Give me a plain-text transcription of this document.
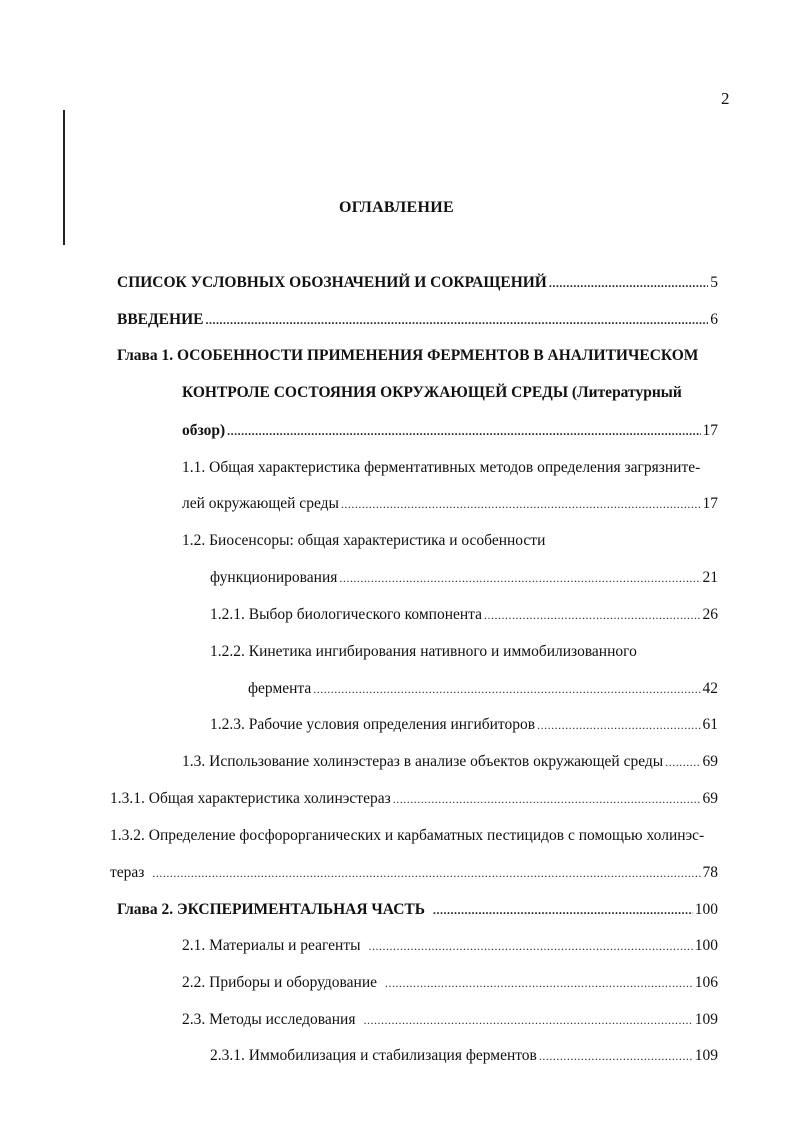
2
ОГЛАВЛЕНИЕ
СПИСОК УСЛОВНЫХ ОБОЗНАЧЕНИЙ И СОКРАЩЕНИЙ .....	5
ВВЕДЕНИЕ .....	6
Глава 1. ОСОБЕННОСТИ ПРИМЕНЕНИЯ ФЕРМЕНТОВ В АНАЛИТИЧЕСКОМ
КОНТРОЛЕ СОСТОЯНИЯ ОКРУЖАЮЩЕЙ СРЕДЫ (Литературный
обзор) .....	17
1.1. Общая характеристика ферментативных методов определения загрязните-
лей окружающей среды .....	17
1.2. Биосенсоры: общая характеристика и особенности
функционирования .....	21
1.2.1. Выбор биологического компонента .....	26
1.2.2. Кинетика ингибирования нативного и иммобилизованного
фермента .....	42
1.2.3. Рабочие условия определения ингибиторов .....	61
1.3. Использование холинэстераз в анализе объектов окружающей среды .....	69
1.3.1. Общая характеристика холинэстераз .....	69
1.3.2. Определение фосфорорганических и карбаматных пестицидов с помощью холинэс-
тераз .....	78
Глава 2. ЭКСПЕРИМЕНТАЛЬНАЯ ЧАСТЬ .....	100
2.1. Материалы и реагенты .....	100
2.2. Приборы и оборудование .....	106
2.3. Методы исследования .....	109
2.3.1. Иммобилизация и стабилизация ферментов .....	109
